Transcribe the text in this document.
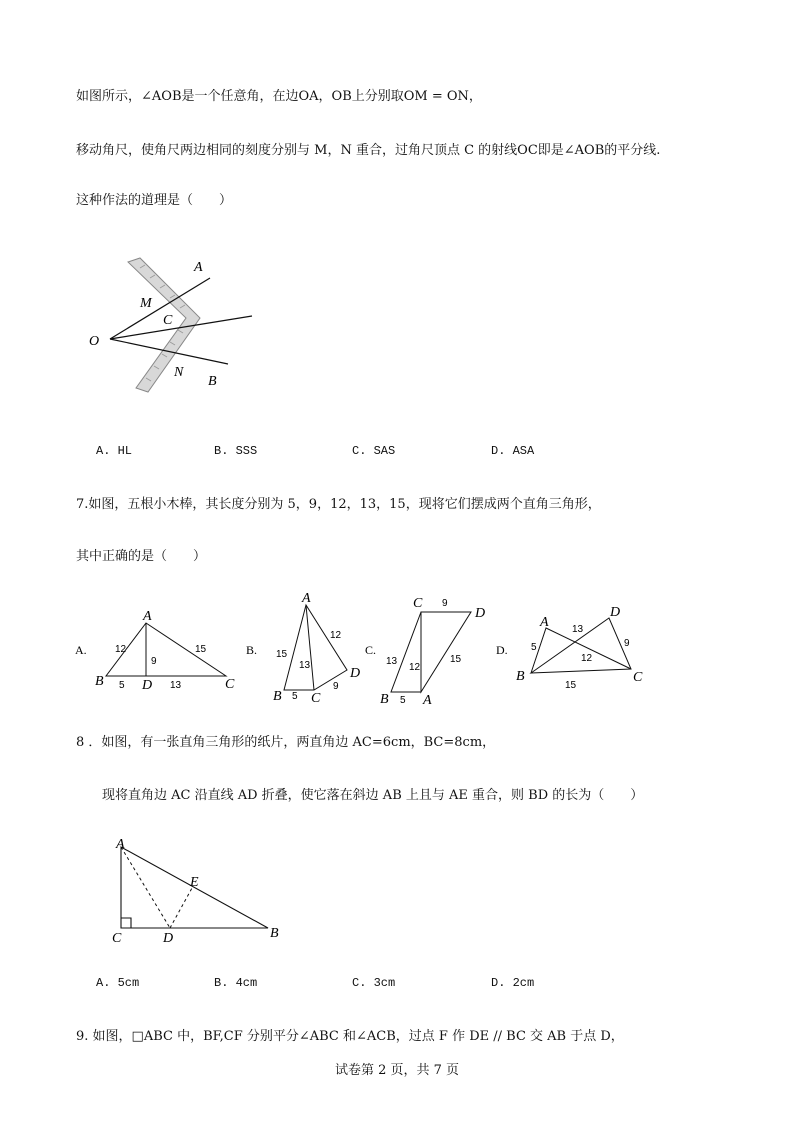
如图所示，∠AOB是一个任意角，在边OA，OB上分别取OM = ON，
移动角尺，使角尺两边相同的刻度分别与 M，N 重合，过角尺顶点 C 的射线OC即是∠AOB的平分线.
这种作法的道理是（　　）
A
M
C
O
N
B
A. HL	B. SSS	C. SAS	D. ASA
7.如图，五根小木棒，其长度分别为 5，9，12，13，15，现将它们摆成两个直角三角形，
其中正确的是（　　）
A.
A
B	D	C
12	15
9
5	13
B.
A
B C
D
15
12
13
5
9
C.
C
D
B A
9
13
12
15
5
D.
A
D
B	C
5
13
9
12
15
8 ．如图，有一张直角三角形的纸片，两直角边 AC=6cm，BC=8cm，
现将直角边 AC 沿直线 AD 折叠，使它落在斜边 AB 上且与 AE 重合，则 BD 的长为（　　）
A
E
C	D	B
A. 5cm	B. 4cm	C. 3cm	D. 2cm
9. 如图，□ABC 中，BF,CF 分别平分∠ABC 和∠ACB，过点 F 作 DE // BC 交 AB 于点 D，
试卷第 2 页，共 7 页
